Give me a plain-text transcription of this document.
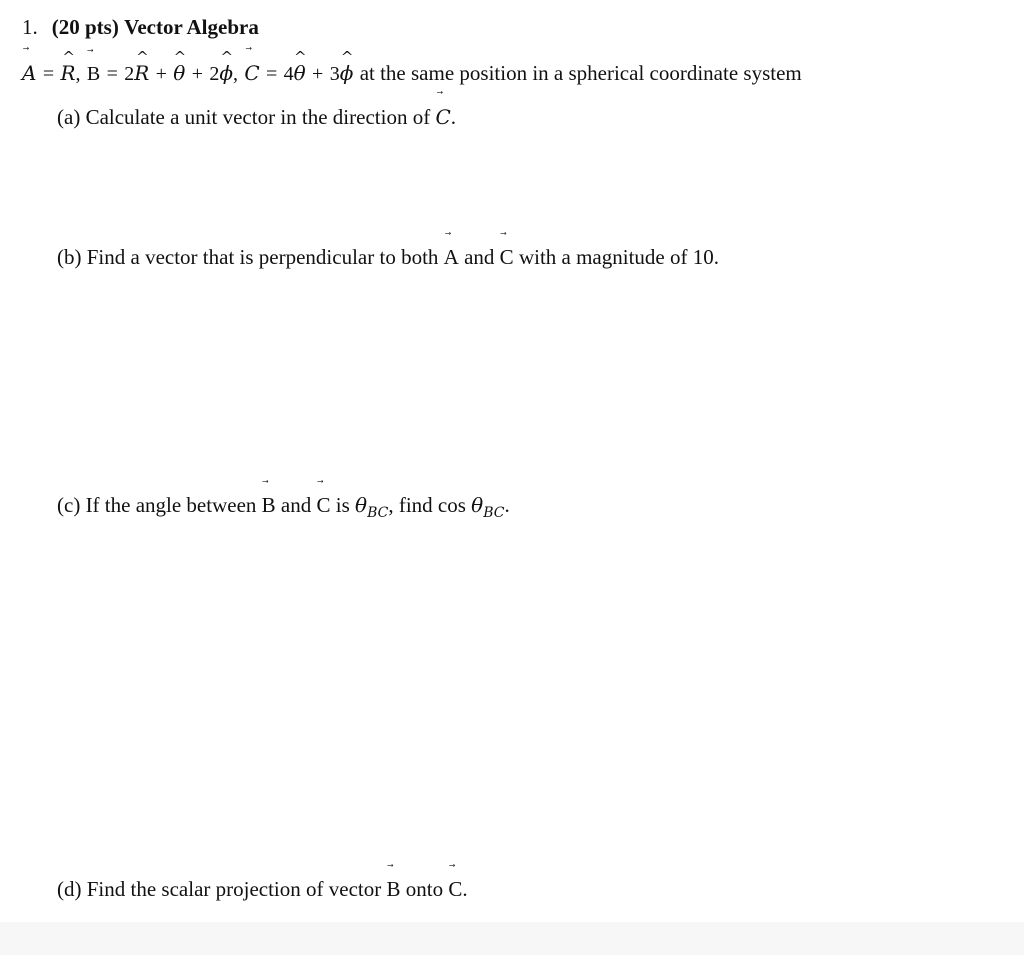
1. (20 pts) Vector Algebra
A = R
^
, B = 2R
^
+ θ
^
+ 2ϕ
^
, C = 4θ
^
+ 3ϕ
^
at the same position in a spherical coordinate system
(a) Calculate a unit vector in the direction of C
.
(b) Find a vector that is perpendicular to both A and C with a magnitude of 10.
(c) If the angle between B and C is $\theta_{BC}$, find $\cos \theta_{BC}$.
(d) Find the scalar projection of vector B onto C
.
